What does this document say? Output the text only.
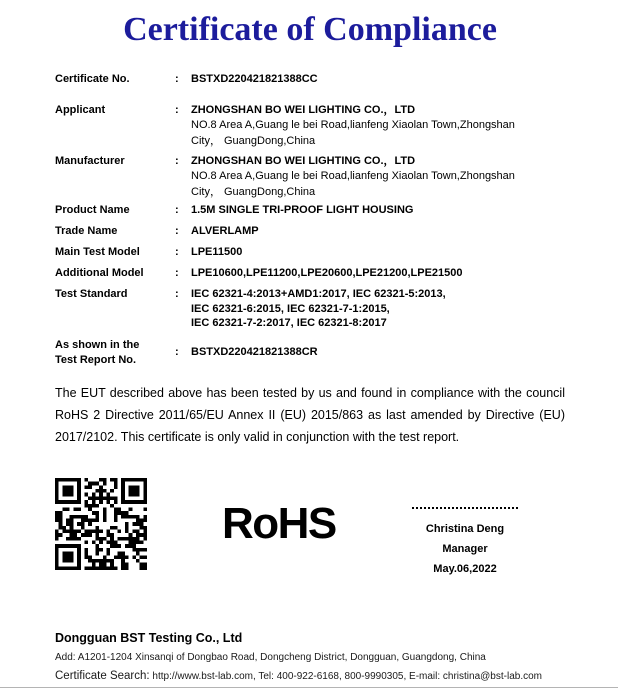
Certificate of Compliance
Certificate No.	:	BSTXD220421821388CC
Applicant	:	ZHONGSHAN BO WEI LIGHTING CO.，LTD
NO.8 Area A,Guang le bei Road,lianfeng Xiaolan Town,Zhongshan
City， GuangDong,China
Manufacturer	:	ZHONGSHAN BO WEI LIGHTING CO.，LTD
NO.8 Area A,Guang le bei Road,lianfeng Xiaolan Town,Zhongshan
City， GuangDong,China
Product Name	:	1.5M SINGLE TRI-PROOF LIGHT HOUSING
Trade Name	:	ALVERLAMP
Main Test Model	:	LPE11500
Additional Model	:	LPE10600,LPE11200,LPE20600,LPE21200,LPE21500
Test Standard	:	IEC 62321-4:2013+AMD1:2017, IEC 62321-5:2013,
IEC 62321-6:2015, IEC 62321-7-1:2015,
IEC 62321-7-2:2017, IEC 62321-8:2017
As shown in the
Test Report No.
:	BSTXD220421821388CR

The EUT described above has been tested by us and found in compliance with the council RoHS 2 Directive 2011/65/EU Annex II (EU) 2015/863 as last amended by Directive (EU) 2017/2102. This certificate is only valid in conjunction with the test report.

RoHS	Christina Deng
Manager
May.06,2022
Dongguan BST Testing Co., Ltd
Add: A1201-1204 Xinsanqi of Dongbao Road, Dongcheng District, Dongguan, Guangdong, China
Certificate Search: http://www.bst-lab.com, Tel: 400-922-6168, 800-9990305, E-mail: christina@bst-lab.com
